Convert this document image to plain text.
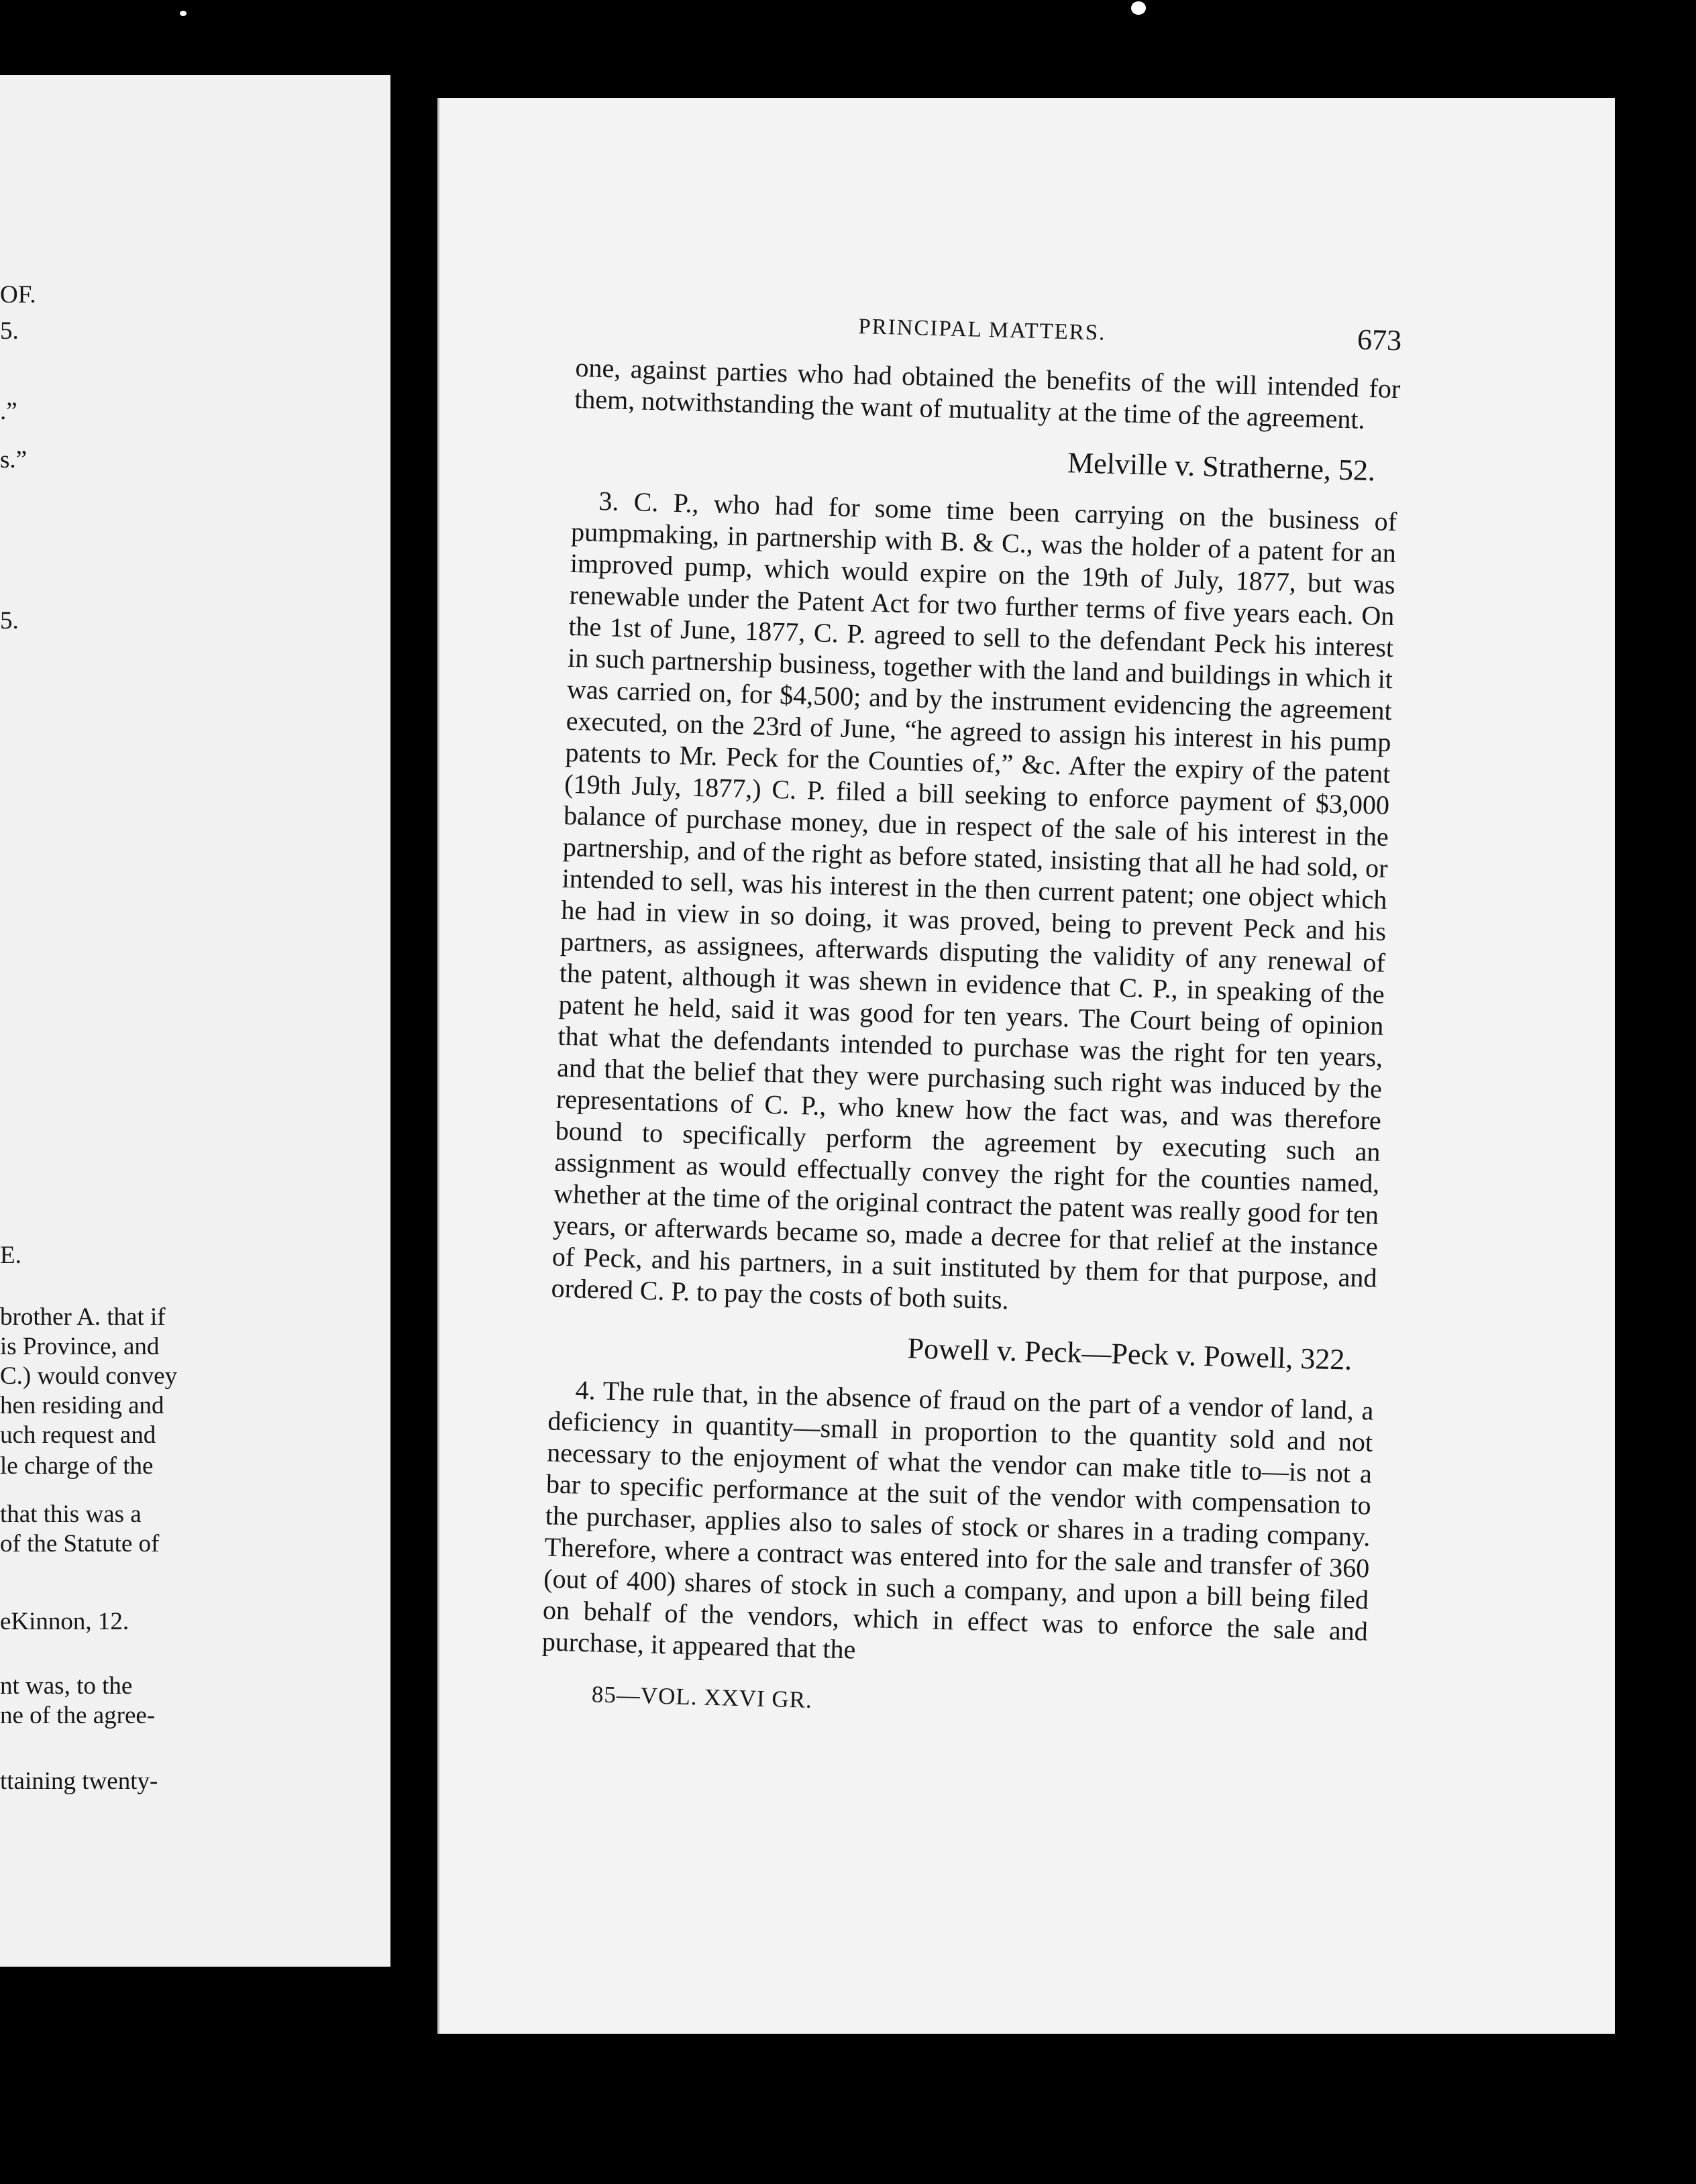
OF.
5.
.”
s.”
5.
E.
brother A. that if
is Province, and
C.) would convey
hen residing and
uch request and
le charge of the
that this was a
of the Statute of
eKinnon, 12.
nt was, to the
ne of the agree-
ttaining twenty-
PRINCIPAL MATTERS.	673

one, against parties who had obtained the benefits of the will intended for them, notwithstanding the want of mutuality at the time of the agreement.

Melville v. Stratherne, 52.

3. C. P., who had for some time been carrying on the business of pumpmaking, in partnership with B. & C., was the holder of a patent for an improved pump, which would expire on the 19th of July, 1877, but was renewable under the Patent Act for two further terms of five years each. On the 1st of June, 1877, C. P. agreed to sell to the defendant Peck his interest in such partnership business, together with the land and buildings in which it was carried on, for $4,500; and by the instrument evidencing the agreement executed, on the 23rd of June, “he agreed to assign his interest in his pump patents to Mr. Peck for the Counties of,” &c. After the expiry of the patent (19th July, 1877,) C. P. filed a bill seeking to enforce payment of $3,000 balance of purchase money, due in respect of the sale of his interest in the partnership, and of the right as before stated, insisting that all he had sold, or intended to sell, was his interest in the then current patent; one object which he had in view in so doing, it was proved, being to prevent Peck and his partners, as assignees, afterwards disputing the validity of any renewal of the patent, although it was shewn in evidence that C. P., in speaking of the patent he held, said it was good for ten years. The Court being of opinion that what the defendants intended to purchase was the right for ten years, and that the belief that they were purchasing such right was induced by the representations of C. P., who knew how the fact was, and was therefore bound to specifically perform the agreement by executing such an assignment as would effectually convey the right for the counties named, whether at the time of the original contract the patent was really good for ten years, or afterwards became so, made a decree for that relief at the instance of Peck, and his partners, in a suit instituted by them for that purpose, and ordered C. P. to pay the costs of both suits.

Powell v. Peck—Peck v. Powell, 322.

4. The rule that, in the absence of fraud on the part of a vendor of land, a deficiency in quantity—small in proportion to the quantity sold and not necessary to the enjoyment of what the vendor can make title to—is not a bar to specific performance at the suit of the vendor with compensation to the purchaser, applies also to sales of stock or shares in a trading company. Therefore, where a contract was entered into for the sale and transfer of 360 (out of 400) shares of stock in such a company, and upon a bill being filed on behalf of the vendors, which in effect was to enforce the sale and purchase, it appeared that the

85—VOL. XXVI GR.
